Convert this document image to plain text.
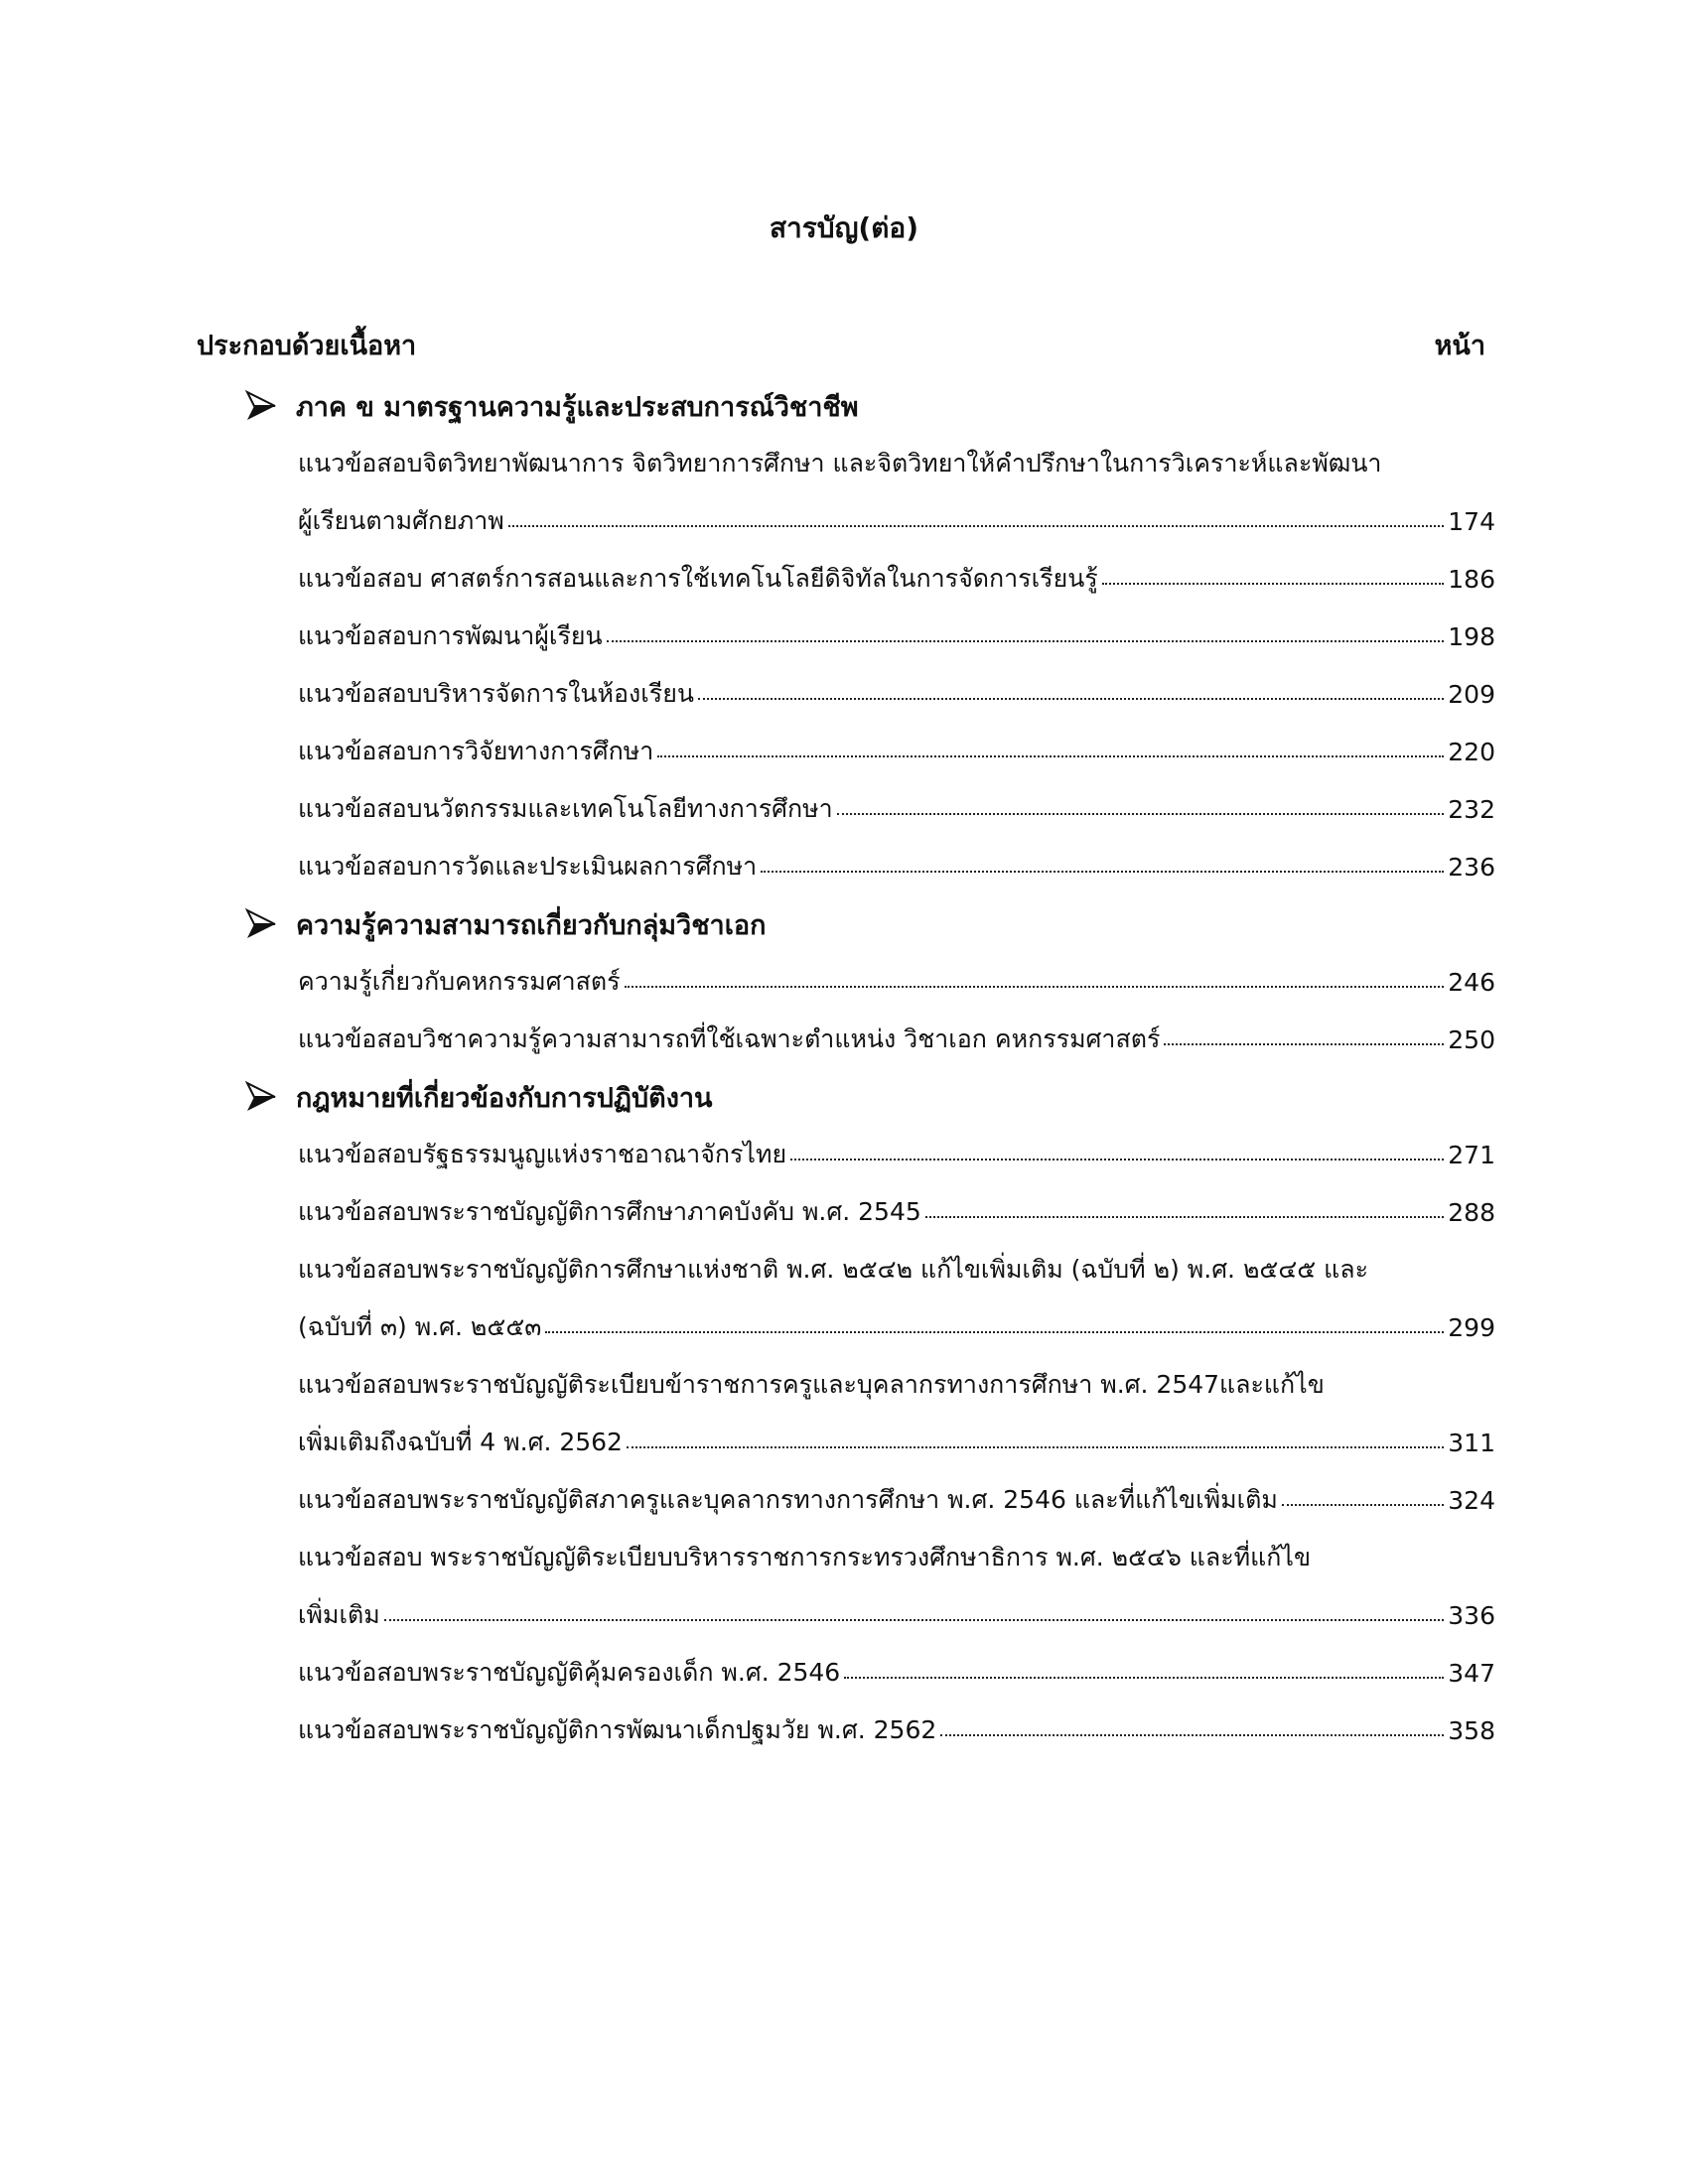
สารบัญ(ต่อ)
ประกอบด้วยเนื้อหา	หน้า
ภาค ข มาตรฐานความรู้และประสบการณ์วิชาชีพ
แนวข้อสอบจิตวิทยาพัฒนาการ จิตวิทยาการศึกษา และจิตวิทยาให้คำปรึกษาในการวิเคราะห์และพัฒนา
ผู้เรียนตามศักยภาพ	174
แนวข้อสอบ ศาสตร์การสอนและการใช้เทคโนโลยีดิจิทัลในการจัดการเรียนรู้	186
แนวข้อสอบการพัฒนาผู้เรียน	198
แนวข้อสอบบริหารจัดการในห้องเรียน	209
แนวข้อสอบการวิจัยทางการศึกษา	220
แนวข้อสอบนวัตกรรมและเทคโนโลยีทางการศึกษา	232
แนวข้อสอบการวัดและประเมินผลการศึกษา	236
ความรู้ความสามารถเกี่ยวกับกลุ่มวิชาเอก
ความรู้เกี่ยวกับคหกรรมศาสตร์	246
แนวข้อสอบวิชาความรู้ความสามารถที่ใช้เฉพาะตำแหน่ง วิชาเอก คหกรรมศาสตร์	250
กฎหมายที่เกี่ยวข้องกับการปฏิบัติงาน
แนวข้อสอบรัฐธรรมนูญแห่งราชอาณาจักรไทย	271
แนวข้อสอบพระราชบัญญัติการศึกษาภาคบังคับ พ.ศ. 2545	288
แนวข้อสอบพระราชบัญญัติการศึกษาแห่งชาติ พ.ศ. ๒๕๔๒ แก้ไขเพิ่มเติม (ฉบับที่ ๒) พ.ศ. ๒๕๔๕ และ
(ฉบับที่ ๓) พ.ศ. ๒๕๕๓	299
แนวข้อสอบพระราชบัญญัติระเบียบข้าราชการครูและบุคลากรทางการศึกษา พ.ศ. 2547และแก้ไข
เพิ่มเติมถึงฉบับที่ 4 พ.ศ. 2562	311
แนวข้อสอบพระราชบัญญัติสภาครูและบุคลากรทางการศึกษา พ.ศ. 2546 และที่แก้ไขเพิ่มเติม	324
แนวข้อสอบ พระราชบัญญัติระเบียบบริหารราชการกระทรวงศึกษาธิการ พ.ศ. ๒๕๔๖ และที่แก้ไข
เพิ่มเติม	336
แนวข้อสอบพระราชบัญญัติคุ้มครองเด็ก พ.ศ. 2546	347
แนวข้อสอบพระราชบัญญัติการพัฒนาเด็กปฐมวัย พ.ศ. 2562	358
